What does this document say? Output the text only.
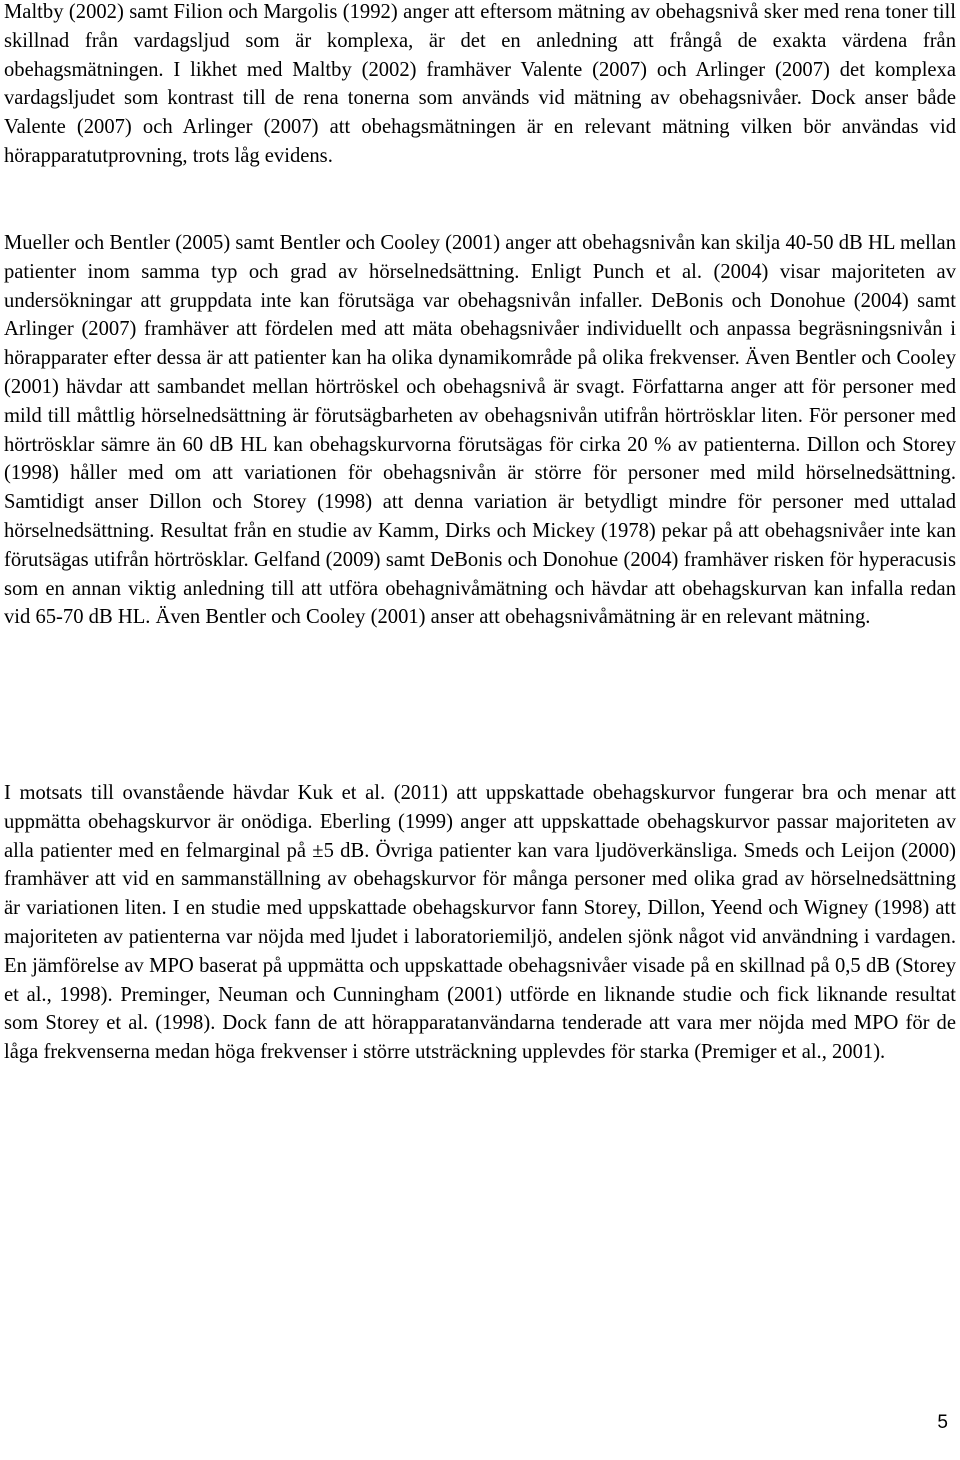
Maltby (2002) samt Filion och Margolis (1992) anger att eftersom mätning av obehagsnivå sker med rena toner till skillnad från vardagsljud som är komplexa, är det en anledning att frångå de exakta värdena från obehagsmätningen. I likhet med Maltby (2002) framhäver Valente (2007) och Arlinger (2007) det komplexa vardagsljudet som kontrast till de rena tonerna som används vid mätning av obehagsnivåer. Dock anser både Valente (2007) och Arlinger (2007) att obehagsmätningen är en relevant mätning vilken bör användas vid hörapparatutprovning, trots låg evidens.

Mueller och Bentler (2005) samt Bentler och Cooley (2001) anger att obehagsnivån kan skilja 40-50 dB HL mellan patienter inom samma typ och grad av hörselnedsättning. Enligt Punch et al. (2004) visar majoriteten av undersökningar att gruppdata inte kan förutsäga var obehagsnivån infaller. DeBonis och Donohue (2004) samt Arlinger (2007) framhäver att fördelen med att mäta obehagsnivåer individuellt och anpassa begräsningsnivån i hörapparater efter dessa är att patienter kan ha olika dynamikområde på olika frekvenser. Även Bentler och Cooley (2001) hävdar att sambandet mellan hörtröskel och obehagsnivå är svagt. Författarna anger att för personer med mild till måttlig hörselnedsättning är förutsägbarheten av obehagsnivån utifrån hörtrösklar liten. För personer med hörtrösklar sämre än 60 dB HL kan obehagskurvorna förutsägas för cirka 20 % av patienterna. Dillon och Storey (1998) håller med om att variationen för obehagsnivån är större för personer med mild hörselnedsättning. Samtidigt anser Dillon och Storey (1998) att denna variation är betydligt mindre för personer med uttalad hörselnedsättning. Resultat från en studie av Kamm, Dirks och Mickey (1978) pekar på att obehagsnivåer inte kan förutsägas utifrån hörtrösklar. Gelfand (2009) samt DeBonis och Donohue (2004) framhäver risken för hyperacusis som en annan viktig anledning till att utföra obehagnivåmätning och hävdar att obehagskurvan kan infalla redan vid 65-70 dB HL. Även Bentler och Cooley (2001) anser att obehagsnivåmätning är en relevant mätning.

I motsats till ovanstående hävdar Kuk et al. (2011) att uppskattade obehagskurvor fungerar bra och menar att uppmätta obehagskurvor är onödiga. Eberling (1999) anger att uppskattade obehagskurvor passar majoriteten av alla patienter med en felmarginal på ±5 dB. Övriga patienter kan vara ljudöverkänsliga. Smeds och Leijon (2000) framhäver att vid en sammanställning av obehagskurvor för många personer med olika grad av hörselnedsättning är variationen liten. I en studie med uppskattade obehagskurvor fann Storey, Dillon, Yeend och Wigney (1998) att majoriteten av patienterna var nöjda med ljudet i laboratoriemiljö, andelen sjönk något vid användning i vardagen. En jämförelse av MPO baserat på uppmätta och uppskattade obehagsnivåer visade på en skillnad på 0,5 dB (Storey et al., 1998). Preminger, Neuman och Cunningham (2001) utförde en liknande studie och fick liknande resultat som Storey et al. (1998). Dock fann de att hörapparatanvändarna tenderade att vara mer nöjda med MPO för de låga frekvenserna medan höga frekvenser i större utsträckning upplevdes för starka (Premiger et al., 2001).

5
